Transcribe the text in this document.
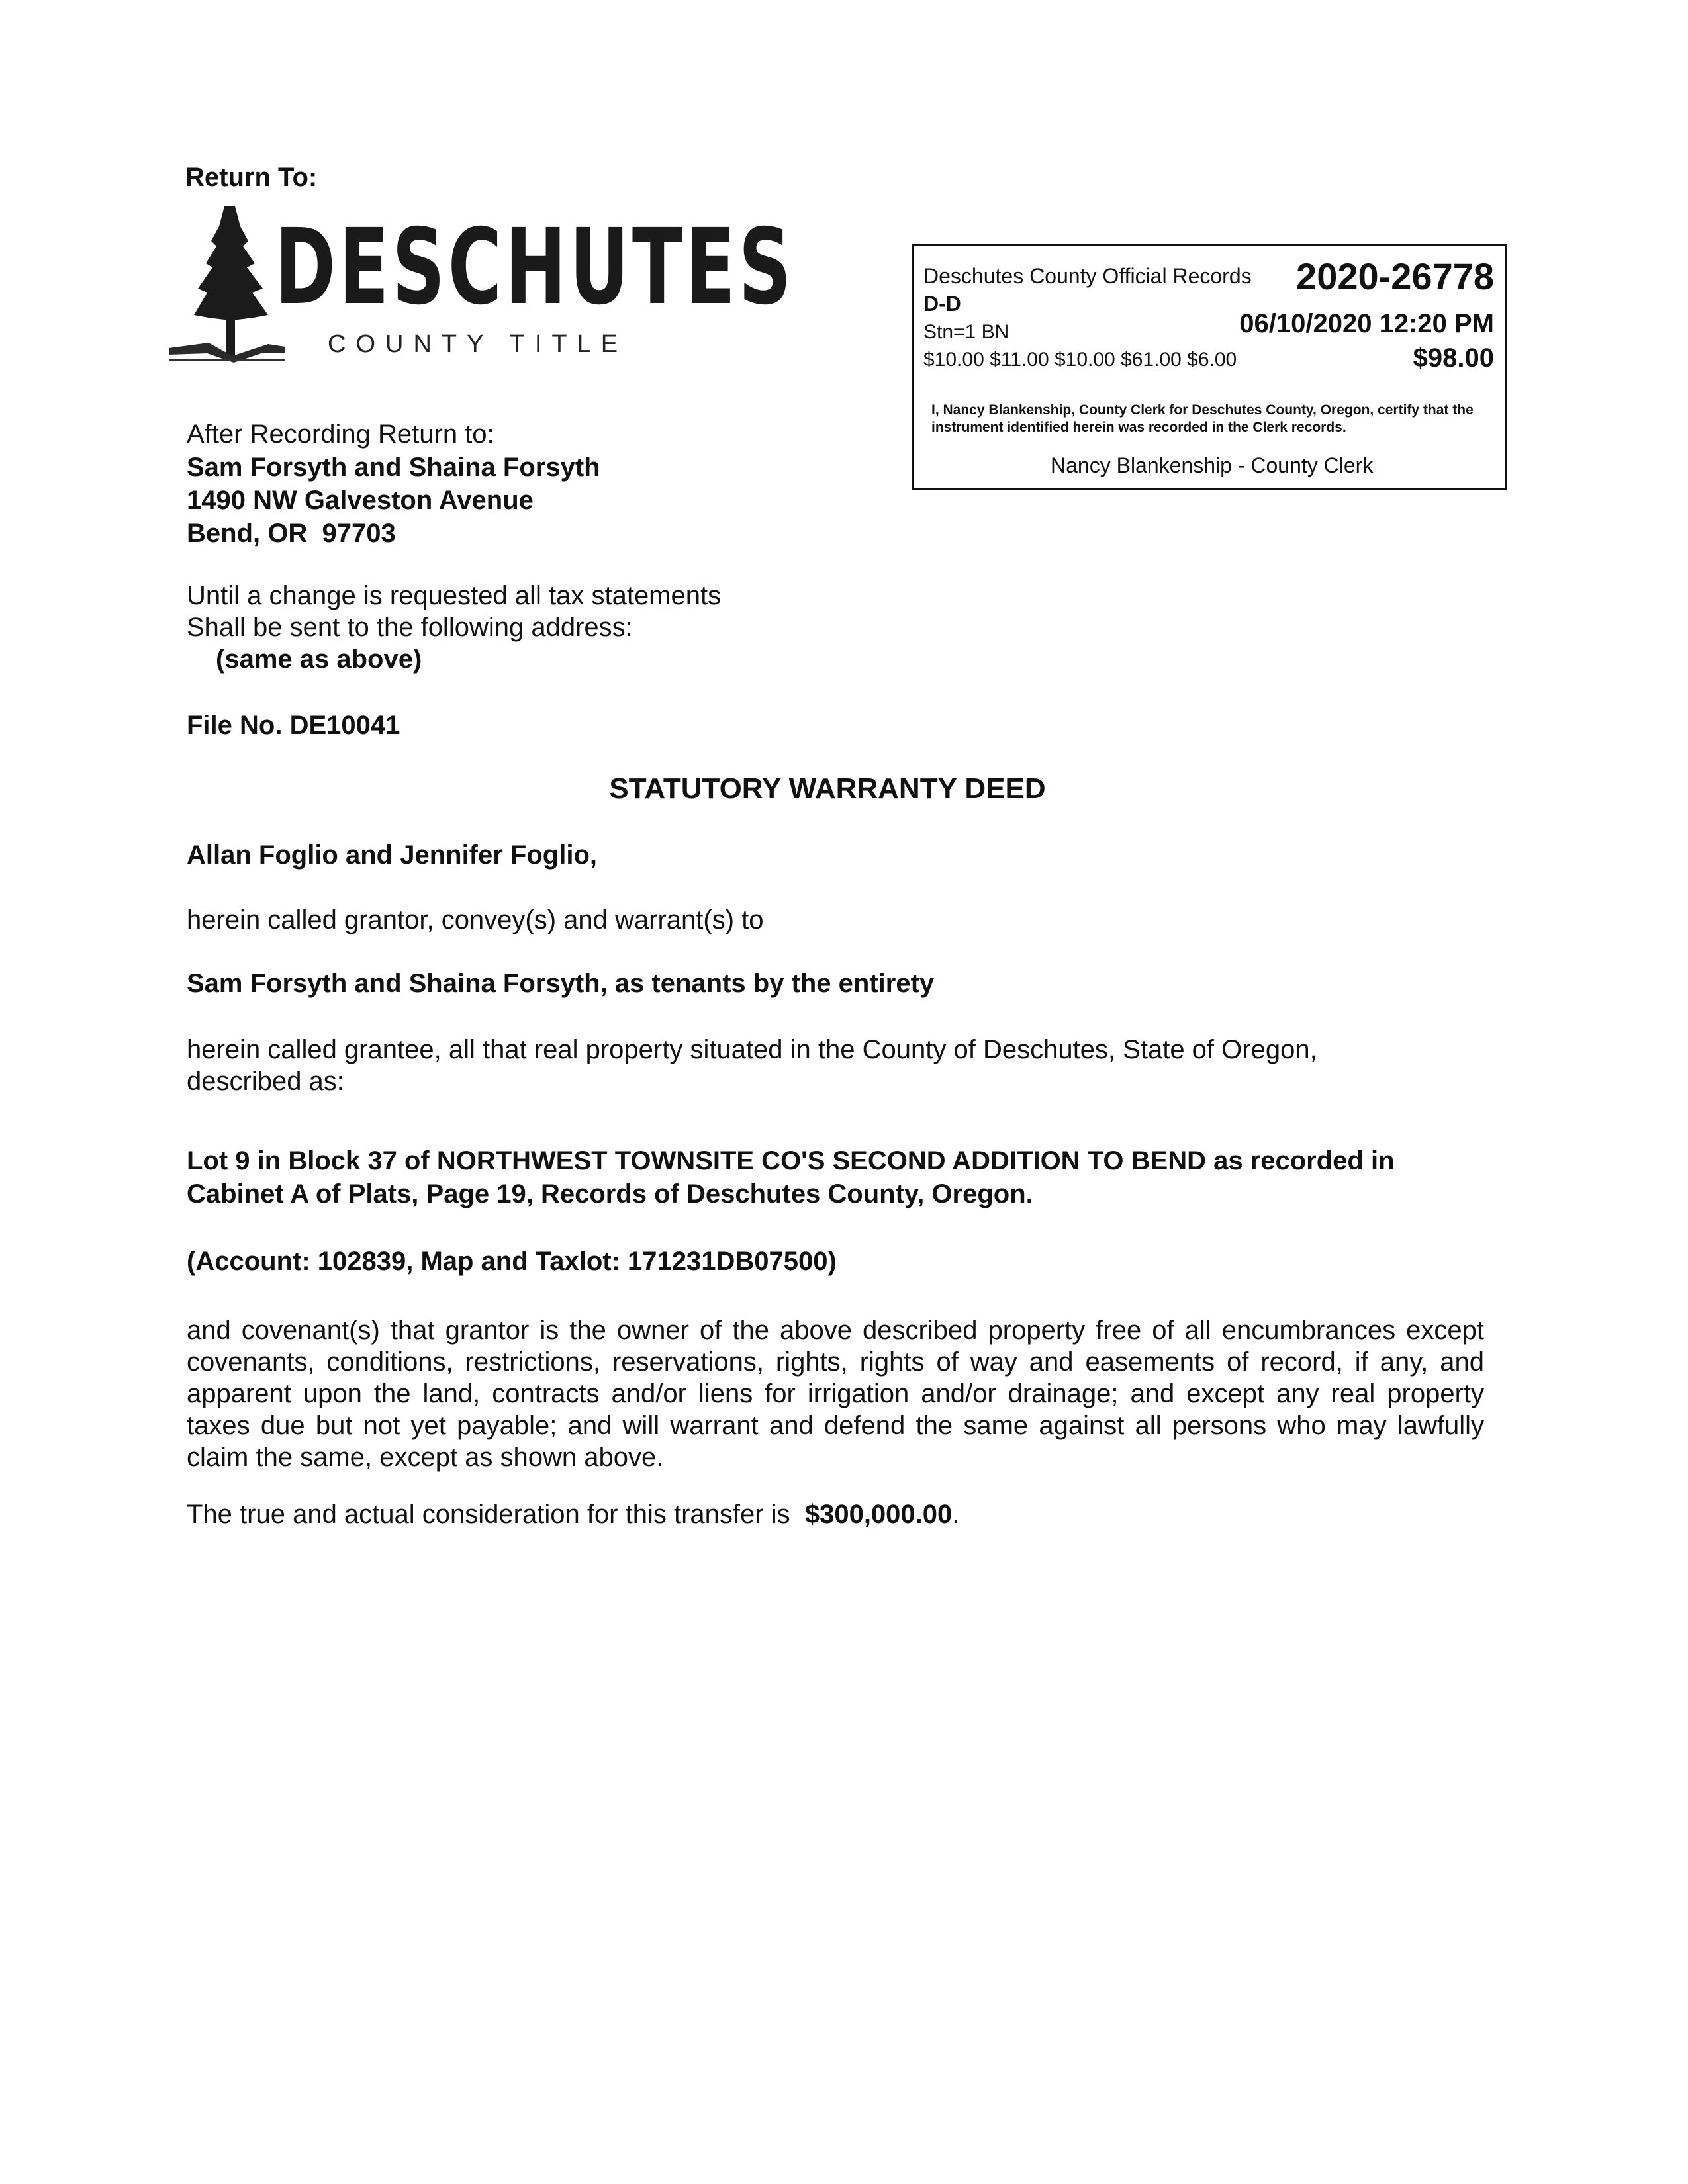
Return To:
DESCHUTES
COUNTY TITLE
Deschutes County Official Records 2020-26778
D-D
Stn=1 BN	06/10/2020 12:20 PM
$10.00 $11.00 $10.00 $61.00 $6.00	$98.00
I, Nancy Blankenship, County Clerk for Deschutes County, Oregon, certify that the instrument identified herein was recorded in the Clerk records.
Nancy Blankenship - County Clerk
After Recording Return to:
Sam Forsyth and Shaina Forsyth
1490 NW Galveston Avenue
Bend, OR  97703
Until a change is requested all tax statements
Shall be sent to the following address:
(same as above)
File No. DE10041
STATUTORY WARRANTY DEED
Allan Foglio and Jennifer Foglio,
herein called grantor, convey(s) and warrant(s) to
Sam Forsyth and Shaina Forsyth, as tenants by the entirety
herein called grantee, all that real property situated in the County of Deschutes, State of Oregon, described as:
Lot 9 in Block 37 of NORTHWEST TOWNSITE CO'S SECOND ADDITION TO BEND as recorded in
Cabinet A of Plats, Page 19, Records of Deschutes County, Oregon.
(Account: 102839, Map and Taxlot: 171231DB07500)
and covenant(s) that grantor is the owner of the above described property free of all encumbrances except covenants, conditions, restrictions, reservations, rights, rights of way and easements of record, if any, and apparent upon the land, contracts and/or liens for irrigation and/or drainage; and except any real property taxes due but not yet payable; and will warrant and defend the same against all persons who may lawfully claim the same, except as shown above.
The true and actual consideration for this transfer is $300,000.00.
